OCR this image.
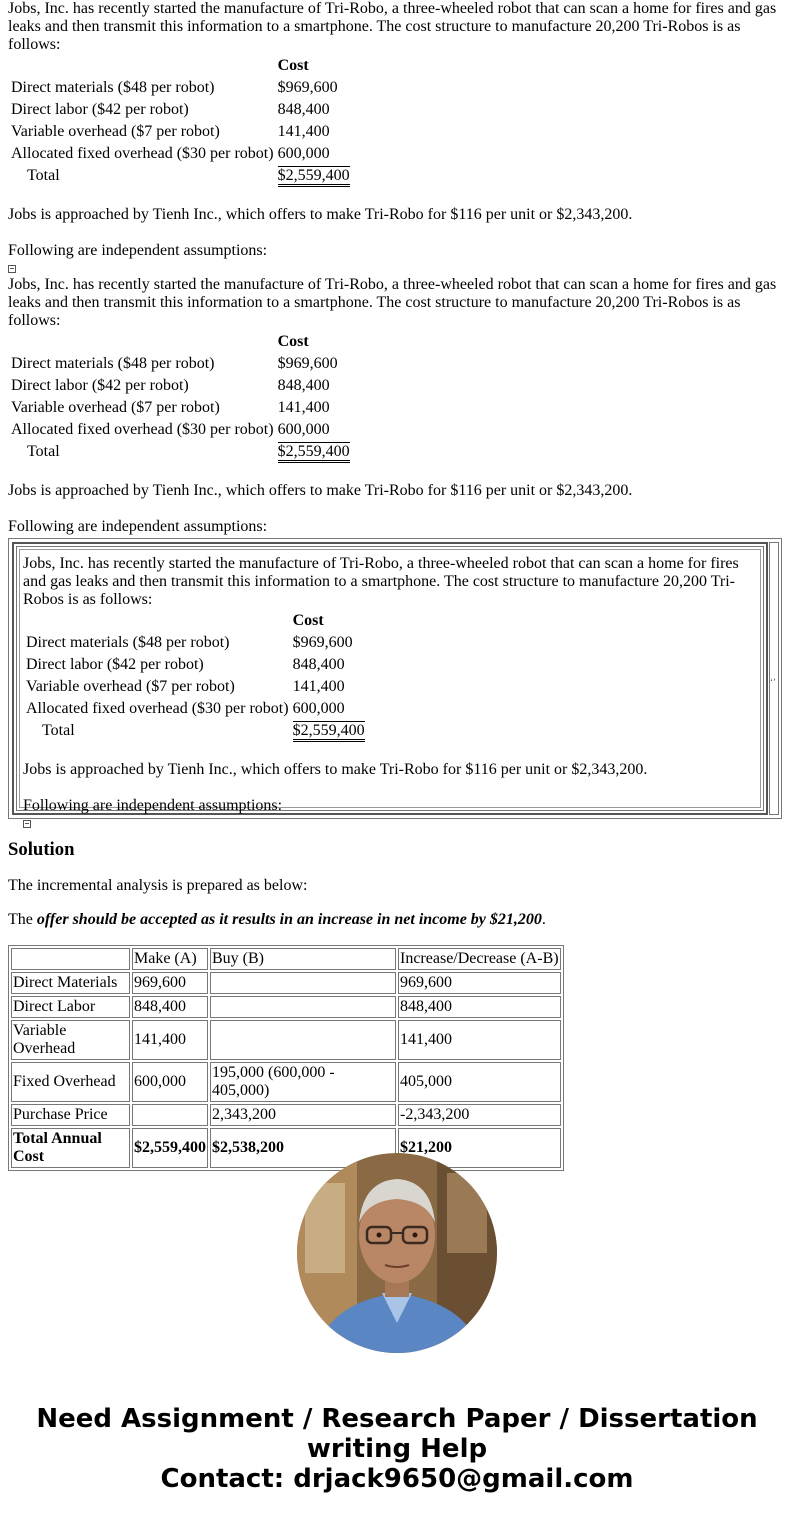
Jobs, Inc. has recently started the manufacture of Tri-Robo, a three-wheeled robot that can scan a home for fires and gas leaks and then transmit this information to a smartphone. The cost structure to manufacture 20,200 Tri-Robos is as follows:

	Cost
Direct materials ($48 per robot)	$969,600
Direct labor ($42 per robot)	848,400
Variable overhead ($7 per robot)	141,400
Allocated fixed overhead ($30 per robot)	600,000
Total	$2,559,400

Jobs is approached by Tienh Inc., which offers to make Tri-Robo for $116 per unit or $2,343,200.

Following are independent assumptions:

Jobs, Inc. has recently started the manufacture of Tri-Robo, a three-wheeled robot that can scan a home for fires and gas leaks and then transmit this information to a smartphone. The cost structure to manufacture 20,200 Tri-Robos is as follows:

	Cost
Direct materials ($48 per robot)	$969,600
Direct labor ($42 per robot)	848,400
Variable overhead ($7 per robot)	141,400
Allocated fixed overhead ($30 per robot)	600,000
Total	$2,559,400

Jobs is approached by Tienh Inc., which offers to make Tri-Robo for $116 per unit or $2,343,200.

Following are independent assumptions:

Jobs, Inc. has recently started the manufacture of Tri-Robo, a three-wheeled robot that can scan a home for fires and gas leaks and then transmit this information to a smartphone. The cost structure to manufacture 20,200 Tri-Robos is as follows:

	Cost
Direct materials ($48 per robot)	$969,600
Direct labor ($42 per robot)	848,400
Variable overhead ($7 per robot)	141,400
Allocated fixed overhead ($30 per robot)	600,000
Total	$2,559,400

Jobs is approached by Tienh Inc., which offers to make Tri-Robo for $116 per unit or $2,343,200.

Following are independent assumptions:

‘’
Solution

The incremental analysis is prepared as below:

The offer should be accepted as it results in an increase in net income by $21,200.

	Make (A)	Buy (B)	Increase/Decrease (A-B)
Direct Materials	969,600		969,600
Direct Labor	848,400		848,400
Variable Overhead	141,400		141,400
Fixed Overhead	600,000	195,000 (600,000 - 405,000)	405,000
Purchase Price		2,343,200	-2,343,200
Total Annual Cost	$2,559,400	$2,538,200	$21,200
Need Assignment / Research Paper / Dissertation
writing Help
Contact: drjack9650@gmail.com
